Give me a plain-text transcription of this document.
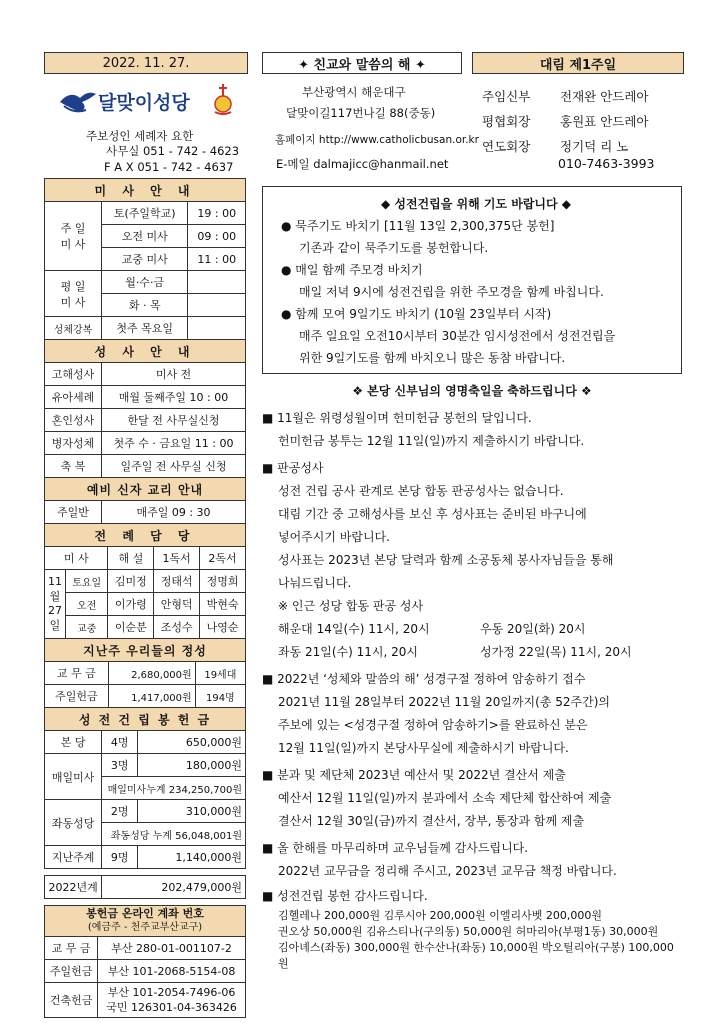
2022. 11. 27.	✦ 친교와 말씀의 해 ✦	대림 제1주일
달맞이성당
주보성인 세례자 요한
사무실 051 - 742 - 4623
F A X 051 - 742 - 4637
부산광역시 해운대구
달맞이길117번나길 88(중동)
홈페이지 http://www.catholicbusan.or.kr
E-메일 dalmajicc@hanmail.net
주임신부 전재완 안드레아
평협회장 홍원표 안드레아
연도회장 정기덕 리 노
010-7463-3993
미 사 안 내		
주 일
미 사	토(주일학교)	19 : 00
	오전 미사	09 : 00
	교중 미사	11 : 00
평 일
미 사	월·수·금	
	화 · 목	
성체강복	첫주 목요일	
성 사 안 내		
고해성사	미사 전	
유아세례	매월 둘째주일 10 : 00	
혼인성사	한달 전 사무실신청	
병자성체	첫주 수 · 금요일 11 : 00	
축 복	일주일 전 사무실 신청	
예비 신자 교리 안내		
주일반	매주일 09 : 30	
전 례 담 당				
미 사		해 설	1독서	2독서
11월
27일	토요일	김미정	정태석	정명희
	오전	이가령	안형덕	박현숙
	교중	이순분	조성수	나영순
지난주 우리들의 정성		
교 무 금	2,680,000원	19세대
주일헌금	1,417,000원	194명
성 전 건 립 봉 헌 금		
본 당	4명	650,000원
매일미사	3명	180,000원
	매일미사누계 234,250,700원	
좌동성당	2명	310,000원
	좌동성당 누계 56,048,001원	
지난주계	9명	1,140,000원

2022년계	202,479,000원	
봉헌금 온라인 계좌 번호
(예금주 - 천주교부산교구)	

교 무 금	부산 280-01-001107-2
주일헌금	부산 101-2068-5154-08
건축헌금	부산 101-2054-7496-06
국민 126301-04-363426
◆ 성전건립을 위해 기도 바랍니다 ◆
● 묵주기도 바치기 [11월 13일 2,300,375단 봉헌]
기존과 같이 묵주기도를 봉헌합니다.
● 매일 함께 주모경 바치기
매일 저녁 9시에 성전건립을 위한 주모경을 함께 바칩니다.
● 함께 모여 9일기도 바치기 (10월 23일부터 시작)
매주 일요일 오전10시부터 30분간 임시성전에서 성전건립을
위한 9일기도를 함께 바치오니 많은 동참 바랍니다.
❖ 본당 신부님의 영명축일을 축하드립니다 ❖
■ 11월은 위령성월이며 헌미헌금 봉헌의 달입니다.
헌미헌금 봉투는 12월 11일(일)까지 제출하시기 바랍니다.
■ 판공성사
성전 건립 공사 관계로 본당 합동 판공성사는 없습니다.
대림 기간 중 고해성사를 보신 후 성사표는 준비된 바구니에
넣어주시기 바랍니다.
성사표는 2023년 본당 달력과 함께 소공동체 봉사자님들을 통해
나눠드립니다.
※ 인근 성당 합동 판공 성사
해운대 14일(수) 11시, 20시	우동 20일(화) 20시
좌동 21일(수) 11시, 20시	성가정 22일(목) 11시, 20시
■ 2022년 ‘성체와 말씀의 해’ 성경구절 정하여 암송하기 접수
2021년 11월 28일부터 2022년 11월 20일까지(총 52주간)의
주보에 있는 <성경구절 정하여 암송하기>를 완료하신 분은
12월 11일(일)까지 본당사무실에 제출하시기 바랍니다.
■ 분과 및 제단체 2023년 예산서 및 2022년 결산서 제출
예산서 12월 11일(일)까지 분과에서 소속 제단체 합산하여 제출
결산서 12월 30일(금)까지 결산서, 장부, 통장과 함께 제출
■ 올 한해를 마무리하며 교우님들께 감사드립니다.
2022년 교무금을 정리해 주시고, 2023년 교무금 책정 바랍니다.
■ 성전건립 봉헌 감사드립니다.
김헬레나 200,000원 김루시아 200,000원 이엘리사벳 200,000원
권오상 50,000원 김유스티나(구의동) 50,000원 허마리아(부평1동) 30,000원
김아녜스(좌동) 300,000원 한수산나(좌동) 10,000원 박오틸리아(구봉) 100,000원
